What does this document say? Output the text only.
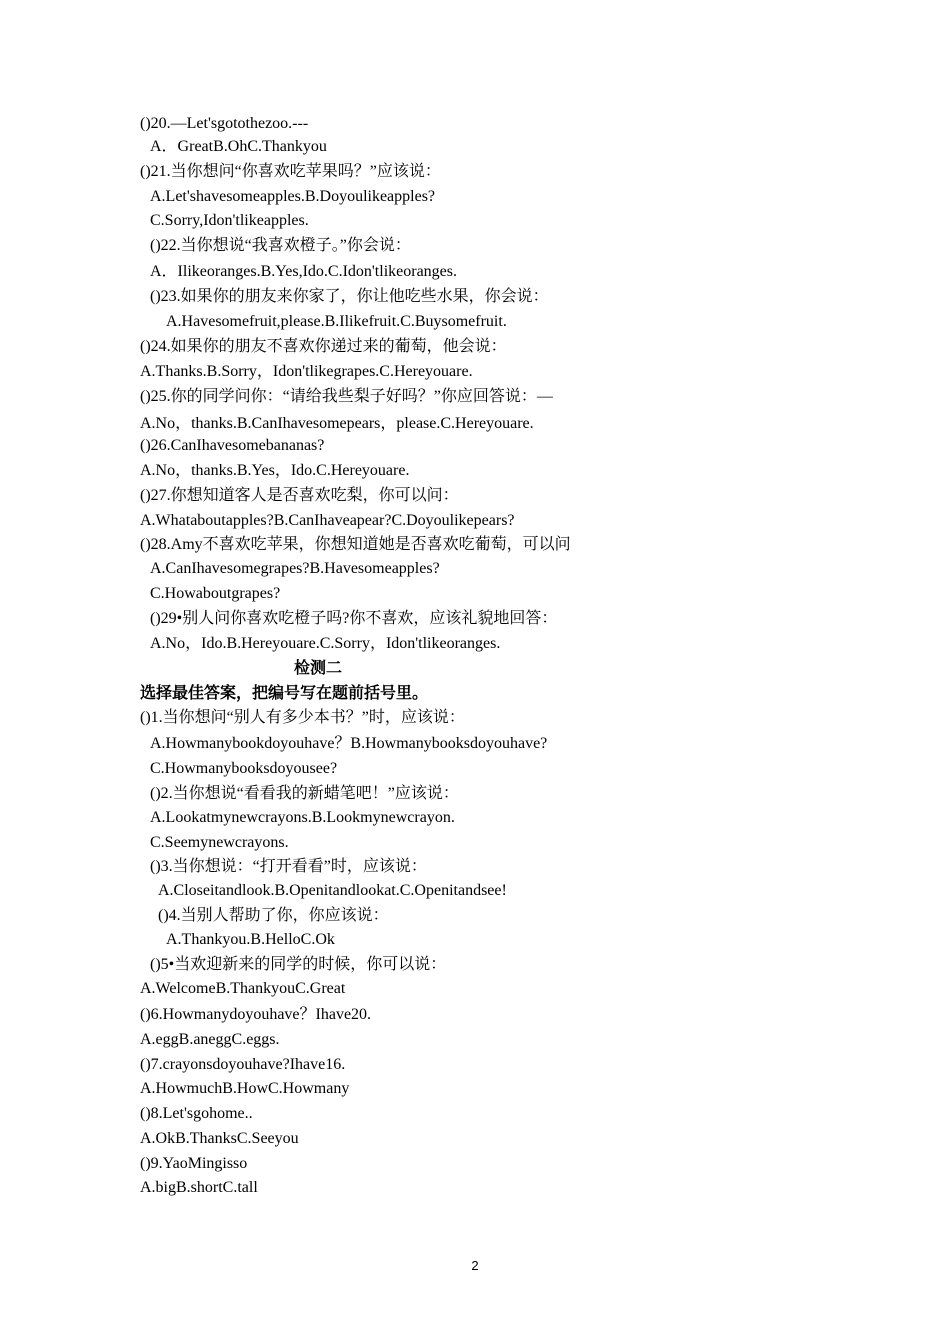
()20.—Let'sgotothezoo.---
A．GreatB.OhC.Thankyou
()21.当你想问“你喜欢吃苹果吗？”应该说：
A.Let'shavesomeapples.B.Doyoulikeapples?
C.Sorry,Idon'tlikeapples.
()22.当你想说“我喜欢橙子。”你会说：
A．Ilikeoranges.B.Yes,Ido.C.Idon'tlikeoranges.
()23.如果你的朋友来你家了，你让他吃些水果，你会说：
A.Havesomefruit,please.B.Ilikefruit.C.Buysomefruit.
()24.如果你的朋友不喜欢你递过来的葡萄，他会说：
A.Thanks.B.Sorry，Idon'tlikegrapes.C.Hereyouare.
()25.你的同学问你：“请给我些梨子好吗？”你应回答说：—
A.No，thanks.B.CanIhavesomepears，please.C.Hereyouare.
()26.CanIhavesomebananas?
A.No，thanks.B.Yes，Ido.C.Hereyouare.
()27.你想知道客人是否喜欢吃梨，你可以问：
A.Whataboutapples?B.CanIhaveapear?C.Doyoulikepears?
()28.Amy不喜欢吃苹果，你想知道她是否喜欢吃葡萄，可以问
A.CanIhavesomegrapes?B.Havesomeapples?
C.Howaboutgrapes?
()29•别人问你喜欢吃橙子吗?你不喜欢，应该礼貌地回答：
A.No，Ido.B.Hereyouare.C.Sorry，Idon'tlikeoranges.
检测二
选择最佳答案，把编号写在题前括号里。
()1.当你想问“别人有多少本书？”时，应该说：
A.Howmanybookdoyouhave？B.Howmanybooksdoyouhave?
C.Howmanybooksdoyousee?
()2.当你想说“看看我的新蜡笔吧！”应该说：
A.Lookatmynewcrayons.B.Lookmynewcrayon.
C.Seemynewcrayons.
()3.当你想说：“打开看看”时，应该说：
A.Closeitandlook.B.Openitandlookat.C.Openitandsee!
()4.当别人帮助了你，你应该说：
A.Thankyou.B.HelloC.Ok
()5•当欢迎新来的同学的时候，你可以说：
A.WelcomeB.ThankyouC.Great
()6.Howmanydoyouhave？Ihave20.
A.eggB.aneggC.eggs.
()7.crayonsdoyouhave?Ihave16.
A.HowmuchB.HowC.Howmany
()8.Let'sgohome..
A.OkB.ThanksC.Seeyou
()9.YaoMingisso
A.bigB.shortC.tall
2
